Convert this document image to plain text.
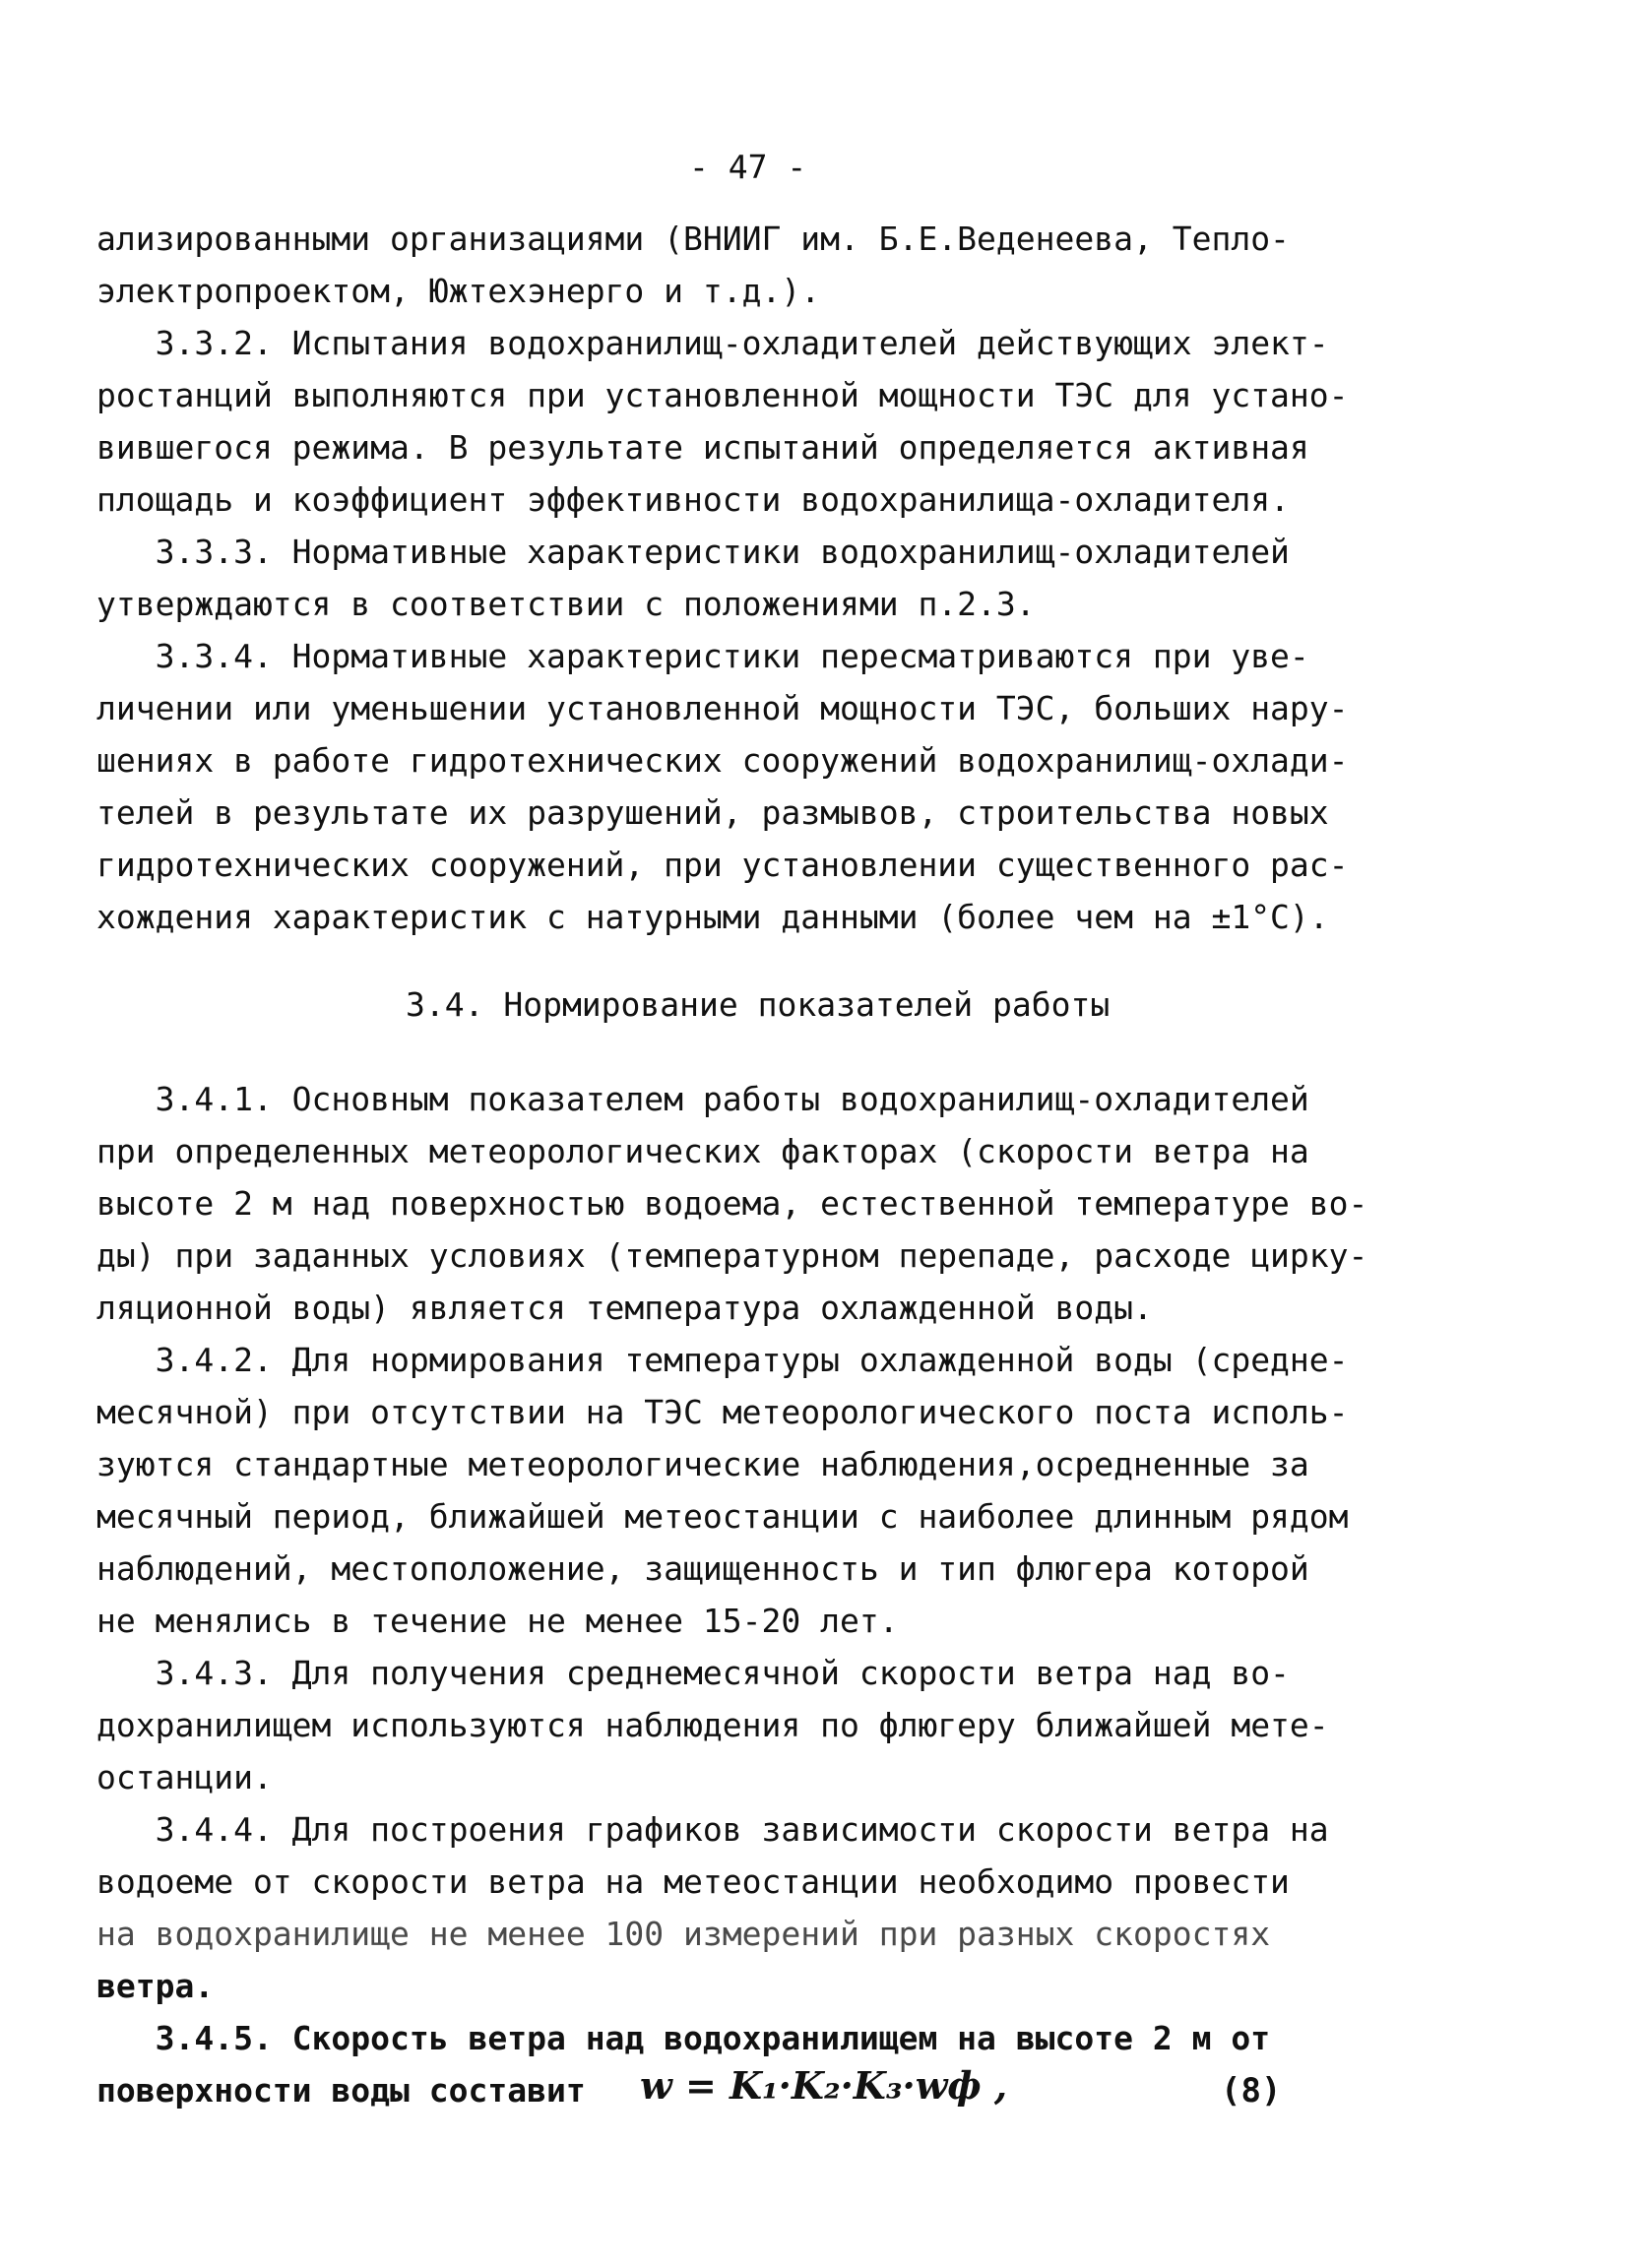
- 47 -
ализированными организациями (ВНИИГ им. Б.Е.Веденеева, Тепло-
электропроектом, Южтехэнерго и т.д.).
3.3.2. Испытания водохранилищ-охладителей действующих элект-
ростанций выполняются при установленной мощности ТЭС для устано-
вившегося режима. В результате испытаний определяется активная
площадь и коэффициент эффективности водохранилища-охладителя.
3.3.3. Нормативные характеристики водохранилищ-охладителей
утверждаются в соответствии с положениями п.2.3.
3.3.4. Нормативные характеристики пересматриваются при уве-
личении или уменьшении установленной мощности ТЭС, больших нару-
шениях в работе гидротехнических сооружений водохранилищ-охлади-
телей в результате их разрушений, размывов, строительства новых
гидротехнических сооружений, при установлении существенного рас-
хождения характеристик с натурными данными (более чем на ±1°С).
3.4. Нормирование показателей работы
3.4.1. Основным показателем работы водохранилищ-охладителей
при определенных метеорологических факторах (скорости ветра на
высоте 2 м над поверхностью водоема, естественной температуре во-
ды) при заданных условиях (температурном перепаде, расходе цирку-
ляционной воды) является температура охлажденной воды.
3.4.2. Для нормирования температуры охлажденной воды (средне-
месячной) при отсутствии на ТЭС метеорологического поста исполь-
зуются стандартные метеорологические наблюдения,осредненные за
месячный период, ближайшей метеостанции с наиболее длинным рядом
наблюдений, местоположение, защищенность и тип флюгера которой
не менялись в течение не менее 15-20 лет.
3.4.3. Для получения среднемесячной скорости ветра над во-
дохранилищем используются наблюдения по флюгеру ближайшей мете-
останции.
3.4.4. Для построения графиков зависимости скорости ветра на
водоеме от скорости ветра на метеостанции необходимо провести
на водохранилище не менее 100 измерений при разных скоростях
ветра.
3.4.5. Скорость ветра над водохранилищем на высоте 2 м от
поверхности воды составит w = K₁·K₂·K₃·wф ,	(8)
